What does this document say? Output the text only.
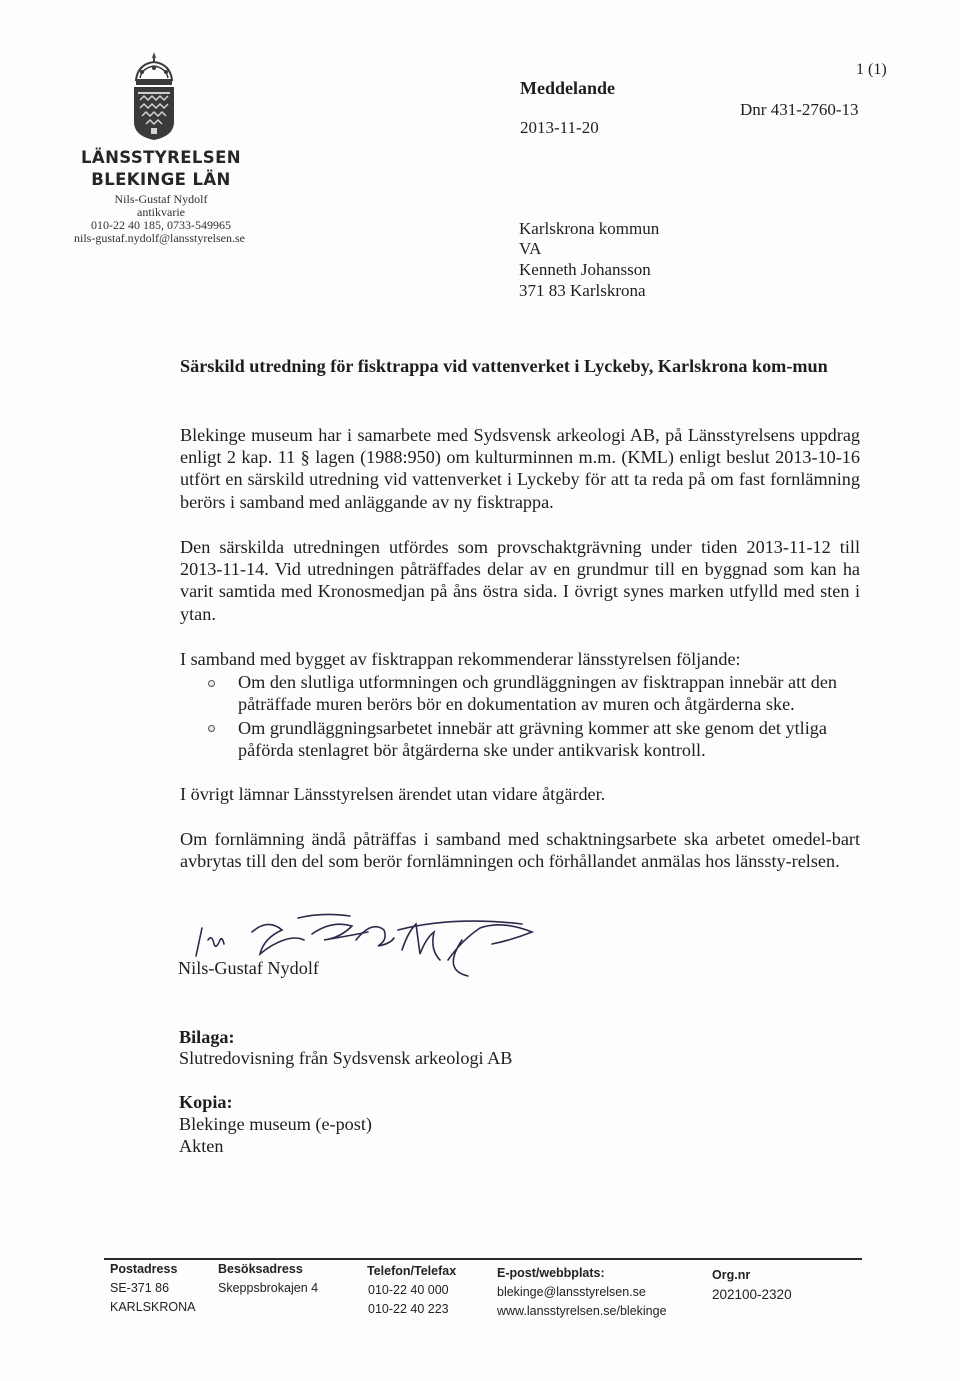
LÄNSSTYRELSEN
BLEKINGE LÄN
Nils-Gustaf Nydolf
antikvarie
010-22 40 185, 0733-549965
nils-gustaf.nydolf@lansstyrelsen.se
1 (1)
Meddelande
2013-11-20
Dnr 431-2760-13
Karlskrona kommun
VA
Kenneth Johansson
371 83 Karlskrona
Särskild utredning för fisktrappa vid vattenverket i Lyckeby, Karlskrona kom-mun
Blekinge museum har i samarbete med Sydsvensk arkeologi AB, på Länsstyrelsens uppdrag enligt 2 kap. 11 § lagen (1988:950) om kulturminnen m.m. (KML) enligt beslut 2013-10-16 utfört en särskild utredning vid vattenverket i Lyckeby för att ta reda på om fast fornlämning berörs i samband med anläggande av ny fisktrappa.
Den särskilda utredningen utfördes som provschaktgrävning under tiden 2013-11-12 till 2013-11-14. Vid utredningen påträffades delar av en grundmur till en byggnad som kan ha varit samtida med Kronosmedjan på åns östra sida. I övrigt synes marken utfylld med sten i ytan.
I samband med bygget av fisktrappan rekommenderar länsstyrelsen följande:
Om den slutliga utformningen och grundläggningen av fisktrappan innebär att den påträffade muren berörs bör en dokumentation av muren och åtgärderna ske.
Om grundläggningsarbetet innebär att grävning kommer att ske genom det ytliga påförda stenlagret bör åtgärderna ske under antikvarisk kontroll.
I övrigt lämnar Länsstyrelsen ärendet utan vidare åtgärder.
Om fornlämning ändå påträffas i samband med schaktningsarbete ska arbetet omedel-bart avbrytas till den del som berör fornlämningen och förhållandet anmälas hos länssty-relsen.
Nils-Gustaf Nydolf
Bilaga:
Slutredovisning från Sydsvensk arkeologi AB
Kopia:
Blekinge museum (e-post)
Akten
Postadress
SE-371 86
KARLSKRONA
Besöksadress
Skeppsbrokajen 4
Telefon/Telefax
010-22 40 000
010-22 40 223
E-post/webbplats:
blekinge@lansstyrelsen.se
www.lansstyrelsen.se/blekinge
Org.nr
202100-2320
